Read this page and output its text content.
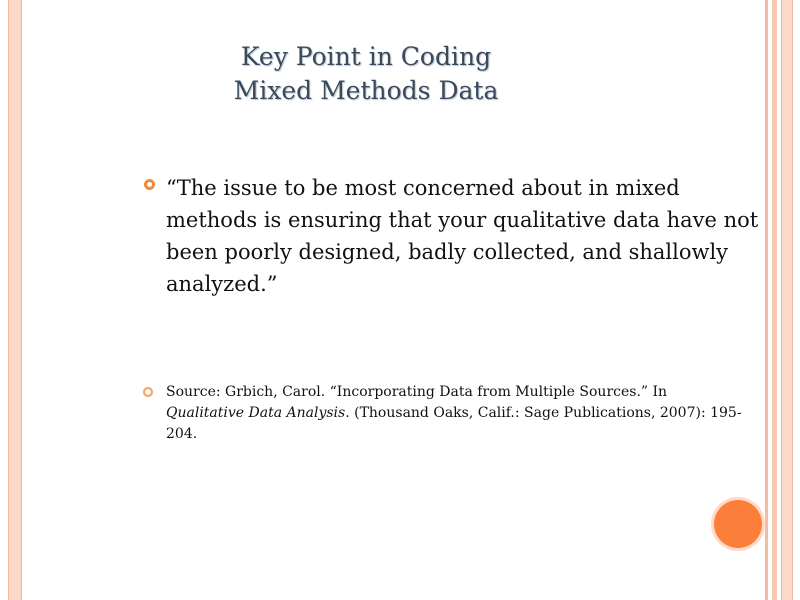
Key Point in Coding
Mixed Methods Data

“The issue to be most concerned about in mixed methods is ensuring that your qualitative data have not been poorly designed, badly collected, and shallowly analyzed.”

Source: Grbich, Carol. “Incorporating Data from Multiple Sources.” In
Qualitative Data Analysis. (Thousand Oaks, Calif.: Sage Publications, 2007): 195-204.
